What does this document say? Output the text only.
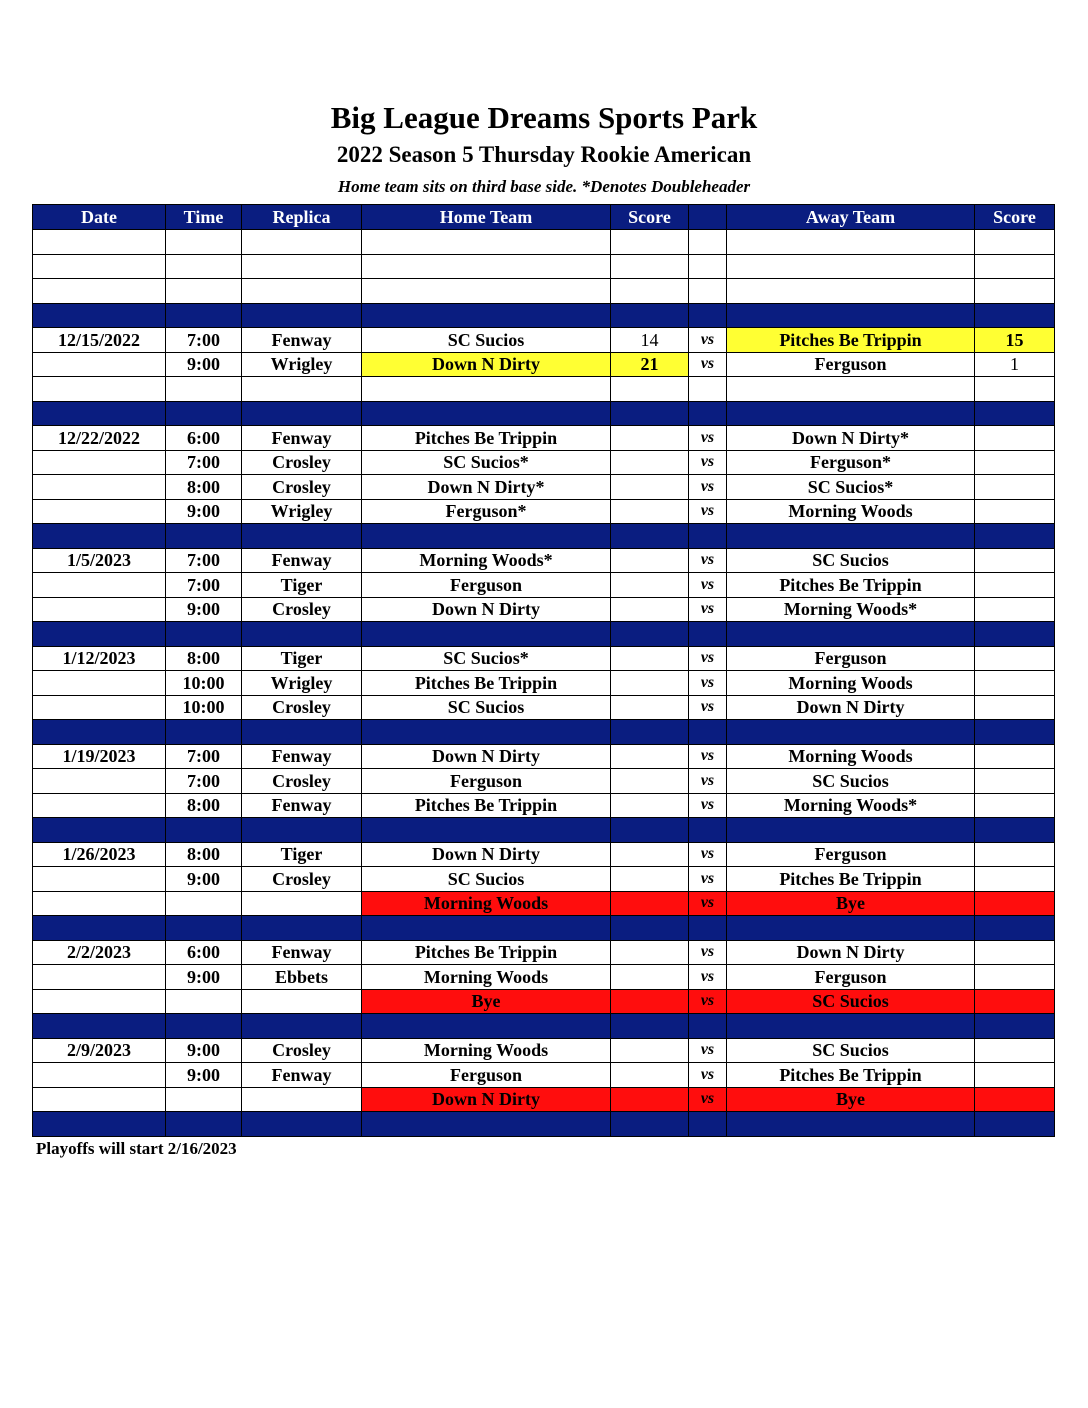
Big League Dreams Sports Park
2022 Season 5 Thursday Rookie American
Home team sits on third base side. *Denotes Doubleheader
Date	Time	Replica	Home Team	Score		Away Team	Score

12/15/2022	7:00	Fenway	SC Sucios	14	vs	Pitches Be Trippin	15
	9:00	Wrigley	Down N Dirty	21	vs	Ferguson	1

12/22/2022	6:00	Fenway	Pitches Be Trippin		vs	Down N Dirty*	
	7:00	Crosley	SC Sucios*		vs	Ferguson*	
	8:00	Crosley	Down N Dirty*		vs	SC Sucios*	
	9:00	Wrigley	Ferguson*		vs	Morning Woods	

1/5/2023	7:00	Fenway	Morning Woods*		vs	SC Sucios	
	7:00	Tiger	Ferguson		vs	Pitches Be Trippin	
	9:00	Crosley	Down N Dirty		vs	Morning Woods*	

1/12/2023	8:00	Tiger	SC Sucios*		vs	Ferguson	
	10:00	Wrigley	Pitches Be Trippin		vs	Morning Woods	
	10:00	Crosley	SC Sucios		vs	Down N Dirty	

1/19/2023	7:00	Fenway	Down N Dirty		vs	Morning Woods	
	7:00	Crosley	Ferguson		vs	SC Sucios	
	8:00	Fenway	Pitches Be Trippin		vs	Morning Woods*	

1/26/2023	8:00	Tiger	Down N Dirty		vs	Ferguson	
	9:00	Crosley	SC Sucios		vs	Pitches Be Trippin	
			Morning Woods		vs	Bye	

2/2/2023	6:00	Fenway	Pitches Be Trippin		vs	Down N Dirty	
	9:00	Ebbets	Morning Woods		vs	Ferguson	
			Bye		vs	SC Sucios	

2/9/2023	9:00	Crosley	Morning Woods		vs	SC Sucios	
	9:00	Fenway	Ferguson		vs	Pitches Be Trippin	
			Down N Dirty		vs	Bye	

Playoffs will start 2/16/2023
